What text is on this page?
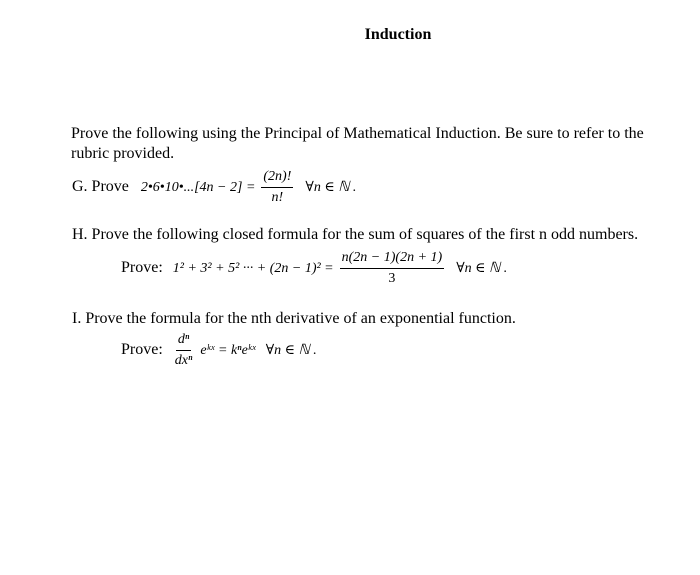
Induction
Prove the following using the Principal of Mathematical Induction. Be sure to refer to the
rubric provided.
G. Prove 2•6•10•...[4n − $2] = \frac{(2n)!}{n!}$ ∀n ∈ ℕ .
H. Prove the following closed formula for the sum of squares of the first n odd numbers.
Prove: 1² + 3² + 5² ··· + $(2n - 1)^2 = \frac{n(2n - 1)(2n + 1)}{3}$ ∀n ∈ ℕ .
I. Prove the formula for the nth derivative of an exponential function.
Prove: $\frac{\text{dⁿ}}{\text{dxⁿ}}$ eᵏˣ = kⁿeᵏˣ ∀n ∈ ℕ .
